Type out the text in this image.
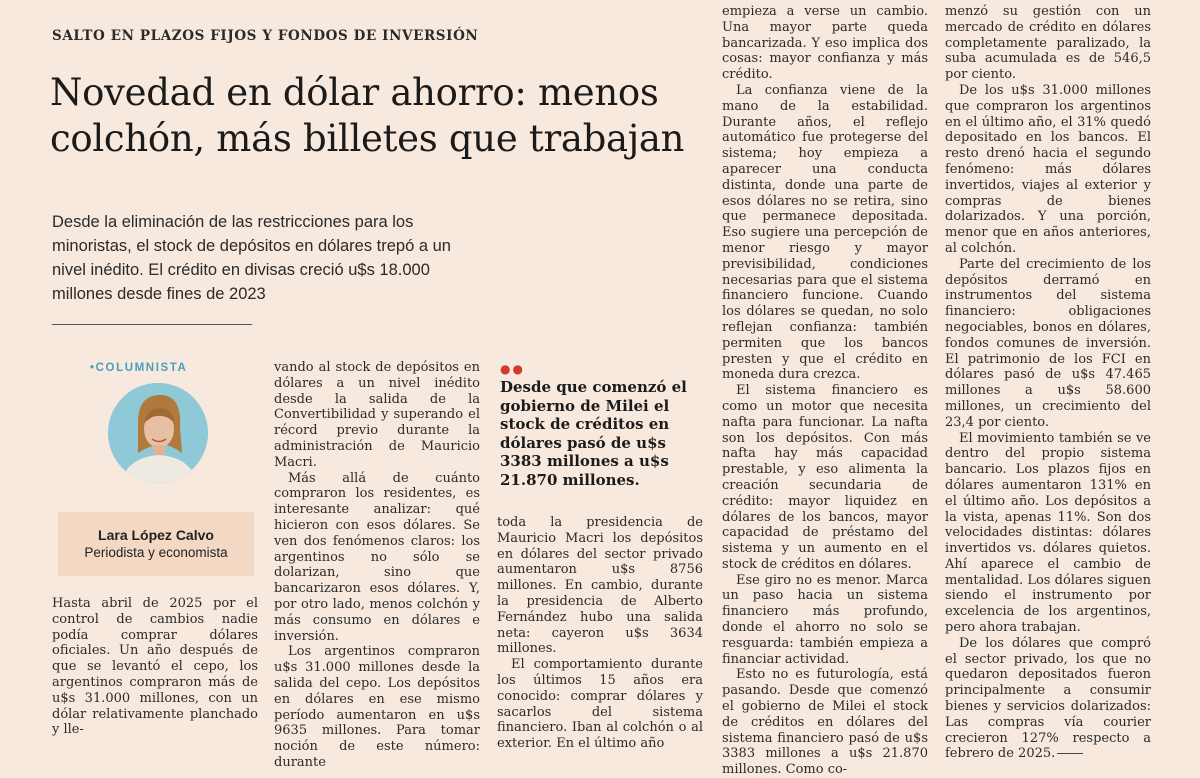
SALTO EN PLAZOS FIJOS Y FONDOS DE INVERSIÓN
Novedad en dólar ahorro: menos
colchón, más billetes que trabajan
Desde la eliminación de las restricciones para los minoristas, el stock de depósitos en dólares trepó a un nivel inédito. El crédito en divisas creció u$s 18.000 millones desde fines de 2023
•COLUMNISTA
Lara López Calvo
Periodista y economista

Hasta abril de 2025 por el control de cambios nadie podía comprar dólares oficiales. Un año después de que se levantó el cepo, los argentinos compraron más de u$s 31.000 millones, con un dólar relativamente planchado y lle-

vando al stock de depósitos en dólares a un nivel inédito desde la salida de la Convertibilidad y superando el récord previo durante la administración de Mauricio Macri.

Más allá de cuánto compraron los residentes, es interesante analizar: qué hicieron con esos dólares. Se ven dos fenómenos claros: los argentinos no sólo se dolarizan, sino que bancarizaron esos dólares. Y, por otro lado, menos colchón y más consumo en dólares e inversión.

Los argentinos compraron u$s 31.000 millones desde la salida del cepo. Los depósitos en dólares en ese mismo período aumentaron en u$s 9635 millones. Para tomar noción de este número: durante

●●
Desde que comenzó el gobierno de Milei el stock de créditos en dólares pasó de u$s 3383 millones a u$s 21.870 millones.

toda la presidencia de Mauricio Macri los depósitos en dólares del sector privado aumentaron u$s 8756 millones. En cambio, durante la presidencia de Alberto Fernández hubo una salida neta: cayeron u$s 3634 millones.

El comportamiento durante los últimos 15 años era conocido: comprar dólares y sacarlos del sistema financiero. Iban al colchón o al exterior. En el último año

empieza a verse un cambio. Una mayor parte queda bancarizada. Y eso implica dos cosas: mayor confianza y más crédito.

La confianza viene de la mano de la estabilidad. Durante años, el reflejo automático fue protegerse del sistema; hoy empieza a aparecer una conducta distinta, donde una parte de esos dólares no se retira, sino que permanece depositada. Eso sugiere una percepción de menor riesgo y mayor previsibilidad, condiciones necesarias para que el sistema financiero funcione. Cuando los dólares se quedan, no solo reflejan confianza: también permiten que los bancos presten y que el crédito en moneda dura crezca.

El sistema financiero es como un motor que necesita nafta para funcionar. La nafta son los depósitos. Con más nafta hay más capacidad prestable, y eso alimenta la creación secundaria de crédito: mayor liquidez en dólares de los bancos, mayor capacidad de préstamo del sistema y un aumento en el stock de créditos en dólares.

Ese giro no es menor. Marca un paso hacia un sistema financiero más profundo, donde el ahorro no solo se resguarda: también empieza a financiar actividad.

Esto no es futurología, está pasando. Desde que comenzó el gobierno de Milei el stock de créditos en dólares del sistema financiero pasó de u$s 3383 millones a u$s 21.870 millones. Como co-

menzó su gestión con un mercado de crédito en dólares completamente paralizado, la suba acumulada es de 546,5 por ciento.

De los u$s 31.000 millones que compraron los argentinos en el último año, el 31% quedó depositado en los bancos. El resto drenó hacia el segundo fenómeno: más dólares invertidos, viajes al exterior y compras de bienes dolarizados. Y una porción, menor que en años anteriores, al colchón.

Parte del crecimiento de los depósitos derramó en instrumentos del sistema financiero: obligaciones negociables, bonos en dólares, fondos comunes de inversión. El patrimonio de los FCI en dólares pasó de u$s 47.465 millones a u$s 58.600 millones, un crecimiento del 23,4 por ciento.

El movimiento también se ve dentro del propio sistema bancario. Los plazos fijos en dólares aumentaron 131% en el último año. Los depósitos a la vista, apenas 11%. Son dos velocidades distintas: dólares invertidos vs. dólares quietos. Ahí aparece el cambio de mentalidad. Los dólares siguen siendo el instrumento por excelencia de los argentinos, pero ahora trabajan.

De los dólares que compró el sector privado, los que no quedaron depositados fueron principalmente a consumir bienes y servicios dolarizados: Las compras vía courier crecieron 127% respecto a febrero de 2025.
